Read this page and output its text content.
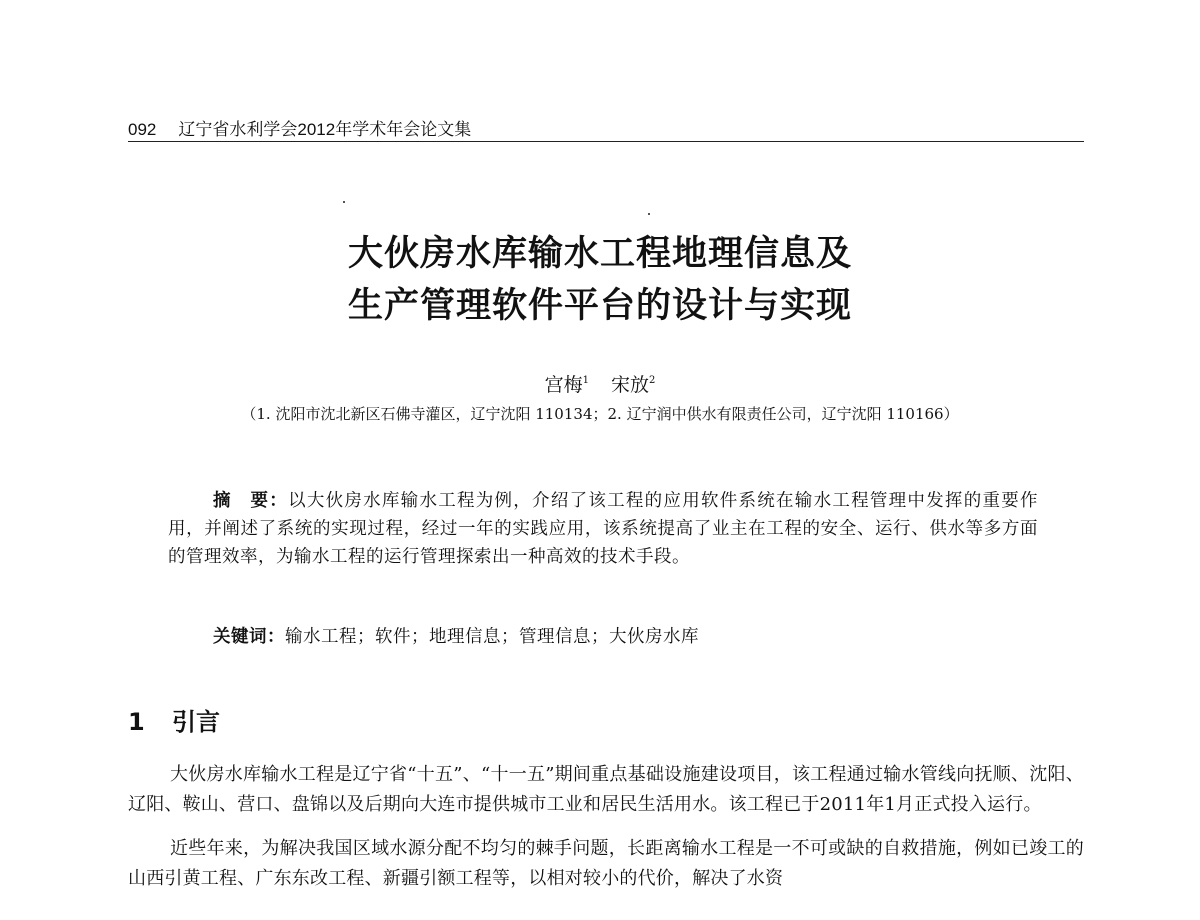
092 辽宁省水利学会2012年学术年会论文集
大伙房水库输水工程地理信息及
生产管理软件平台的设计与实现
宫梅$^1$ 宋放$^2$
（1. 沈阳市沈北新区石佛寺灌区，辽宁沈阳 110134；2. 辽宁润中供水有限责任公司，辽宁沈阳 110166）
摘　要：以大伙房水库输水工程为例，介绍了该工程的应用软件系统在输水工程管理中发挥的重要作用，并阐述了系统的实现过程，经过一年的实践应用，该系统提高了业主在工程的安全、运行、供水等多方面的管理效率，为输水工程的运行管理探索出一种高效的技术手段。
关键词：输水工程；软件；地理信息；管理信息；大伙房水库
1 引言
大伙房水库输水工程是辽宁省“十五”、“十一五”期间重点基础设施建设项目，该工程通过输水管线向抚顺、沈阳、辽阳、鞍山、营口、盘锦以及后期向大连市提供城市工业和居民生活用水。该工程已于2011年1月正式投入运行。
近些年来，为解决我国区域水源分配不均匀的棘手问题，长距离输水工程是一不可或缺的自救措施，例如已竣工的山西引黄工程、广东东改工程、新疆引额工程等，以相对较小的代价，解决了水资
